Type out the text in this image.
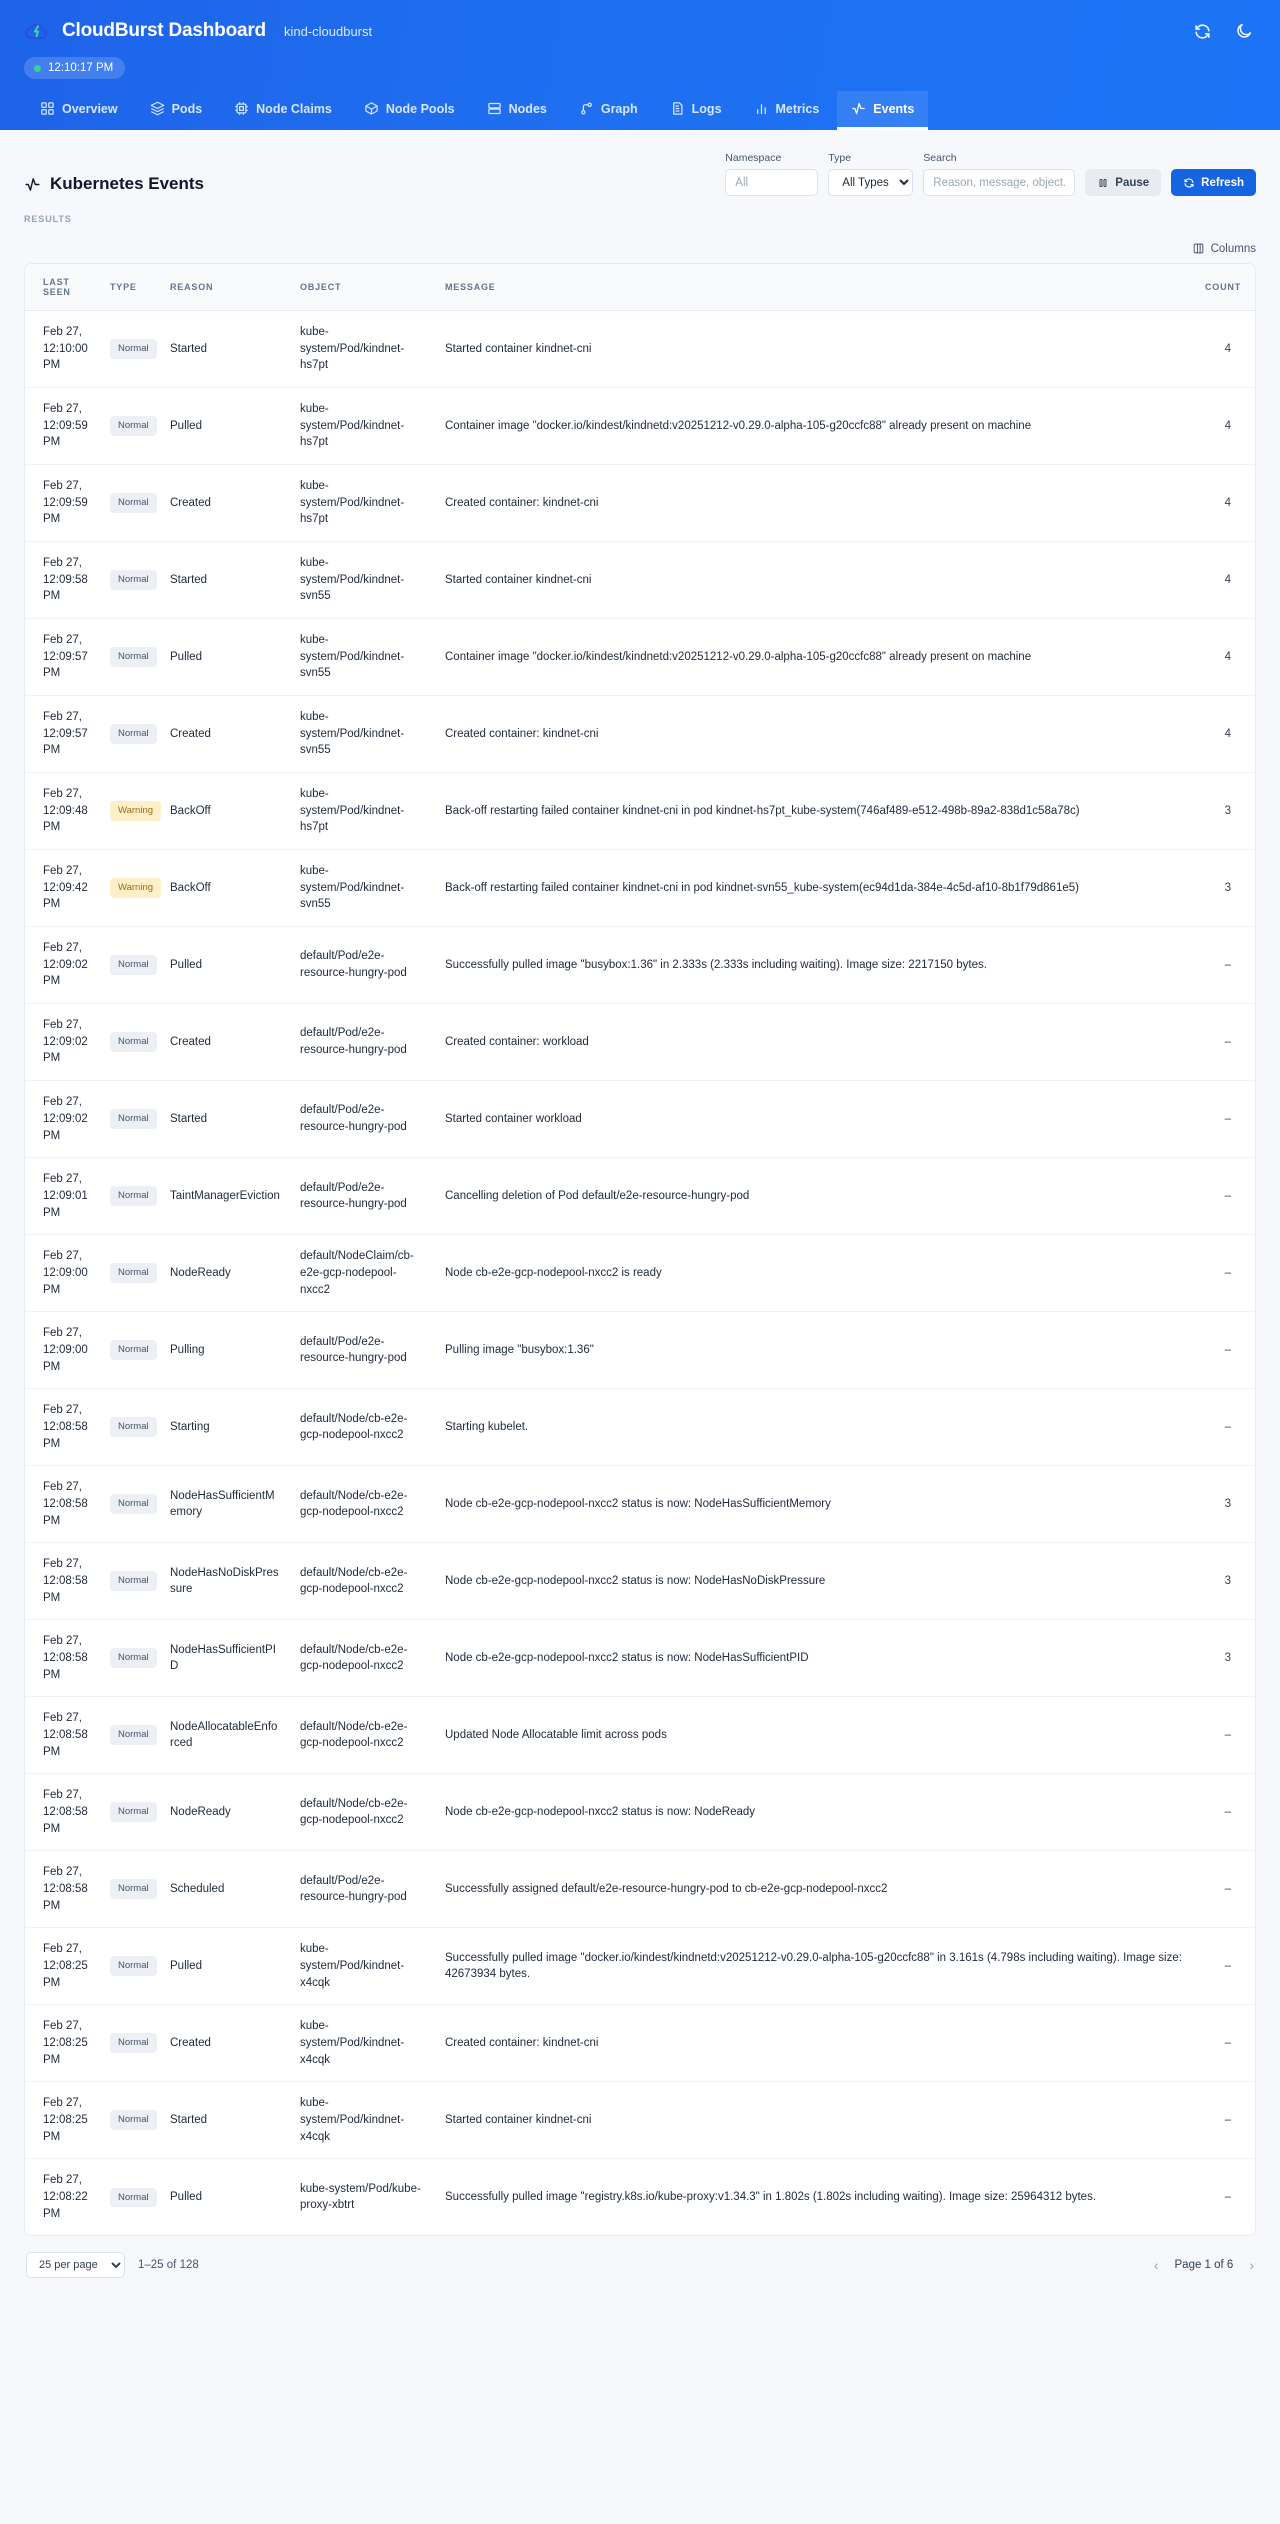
CloudBurst Dashboard kind-cloudburst
12:10:17 PM
Overview	Pods	Node Claims	Node Pools	Nodes	Graph	Logs	Metrics	Events
Kubernetes Events
Namespace
All	Type
All Types	Search
Reason, message, object...
Pause	Refresh
RESULTS
Columns
LAST SEEN	TYPE	REASON	OBJECT	MESSAGE	COUNT
Feb 27, 12:10:00 PM	Normal	Started	kube-system/Pod/kindnet-hs7pt	Started container kindnet-cni	4
Feb 27, 12:09:59 PM	Normal	Pulled	kube-system/Pod/kindnet-hs7pt	Container image "docker.io/kindest/kindnetd:v20251212-v0.29.0-alpha-105-g20ccfc88" already present on machine	4
Feb 27, 12:09:59 PM	Normal	Created	kube-system/Pod/kindnet-hs7pt	Created container: kindnet-cni	4
Feb 27, 12:09:58 PM	Normal	Started	kube-system/Pod/kindnet-svn55	Started container kindnet-cni	4
Feb 27, 12:09:57 PM	Normal	Pulled	kube-system/Pod/kindnet-svn55	Container image "docker.io/kindest/kindnetd:v20251212-v0.29.0-alpha-105-g20ccfc88" already present on machine	4
Feb 27, 12:09:57 PM	Normal	Created	kube-system/Pod/kindnet-svn55	Created container: kindnet-cni	4
Feb 27, 12:09:48 PM	Warning	BackOff	kube-system/Pod/kindnet-hs7pt	Back-off restarting failed container kindnet-cni in pod kindnet-hs7pt_kube-system(746af489-e512-498b-89a2-838d1c58a78c)	3
Feb 27, 12:09:42 PM	Warning	BackOff	kube-system/Pod/kindnet-svn55	Back-off restarting failed container kindnet-cni in pod kindnet-svn55_kube-system(ec94d1da-384e-4c5d-af10-8b1f79d861e5)	3
Feb 27, 12:09:02 PM	Normal	Pulled	default/Pod/e2e-resource-hungry-pod	Successfully pulled image "busybox:1.36" in 2.333s (2.333s including waiting). Image size: 2217150 bytes.	–
Feb 27, 12:09:02 PM	Normal	Created	default/Pod/e2e-resource-hungry-pod	Created container: workload	–
Feb 27, 12:09:02 PM	Normal	Started	default/Pod/e2e-resource-hungry-pod	Started container workload	–
Feb 27, 12:09:01 PM	Normal	TaintManagerEviction	default/Pod/e2e-resource-hungry-pod	Cancelling deletion of Pod default/e2e-resource-hungry-pod	–
Feb 27, 12:09:00 PM	Normal	NodeReady	default/NodeClaim/cb-e2e-gcp-nodepool-nxcc2	Node cb-e2e-gcp-nodepool-nxcc2 is ready	–
Feb 27, 12:09:00 PM	Normal	Pulling	default/Pod/e2e-resource-hungry-pod	Pulling image "busybox:1.36"	–
Feb 27, 12:08:58 PM	Normal	Starting	default/Node/cb-e2e-gcp-nodepool-nxcc2	Starting kubelet.	–
Feb 27, 12:08:58 PM	Normal	NodeHasSufficientMemory	default/Node/cb-e2e-gcp-nodepool-nxcc2	Node cb-e2e-gcp-nodepool-nxcc2 status is now: NodeHasSufficientMemory	3
Feb 27, 12:08:58 PM	Normal	NodeHasNoDiskPressure	default/Node/cb-e2e-gcp-nodepool-nxcc2	Node cb-e2e-gcp-nodepool-nxcc2 status is now: NodeHasNoDiskPressure	3
Feb 27, 12:08:58 PM	Normal	NodeHasSufficientPID	default/Node/cb-e2e-gcp-nodepool-nxcc2	Node cb-e2e-gcp-nodepool-nxcc2 status is now: NodeHasSufficientPID	3
Feb 27, 12:08:58 PM	Normal	NodeAllocatableEnforced	default/Node/cb-e2e-gcp-nodepool-nxcc2	Updated Node Allocatable limit across pods	–
Feb 27, 12:08:58 PM	Normal	NodeReady	default/Node/cb-e2e-gcp-nodepool-nxcc2	Node cb-e2e-gcp-nodepool-nxcc2 status is now: NodeReady	–
Feb 27, 12:08:58 PM	Normal	Scheduled	default/Pod/e2e-resource-hungry-pod	Successfully assigned default/e2e-resource-hungry-pod to cb-e2e-gcp-nodepool-nxcc2	–
Feb 27, 12:08:25 PM	Normal	Pulled	kube-system/Pod/kindnet-x4cqk	Successfully pulled image "docker.io/kindest/kindnetd:v20251212-v0.29.0-alpha-105-g20ccfc88" in 3.161s (4.798s including waiting). Image size: 42673934 bytes.	–
Feb 27, 12:08:25 PM	Normal	Created	kube-system/Pod/kindnet-x4cqk	Created container: kindnet-cni	–
Feb 27, 12:08:25 PM	Normal	Started	kube-system/Pod/kindnet-x4cqk	Started container kindnet-cni	–
Feb 27, 12:08:22 PM	Normal	Pulled	kube-system/Pod/kube-proxy-xbtrt	Successfully pulled image "registry.k8s.io/kube-proxy:v1.34.3" in 1.802s (1.802s including waiting). Image size: 25964312 bytes.	–
25 per page
1–25 of 128	‹ Page 1 of 6 ›
